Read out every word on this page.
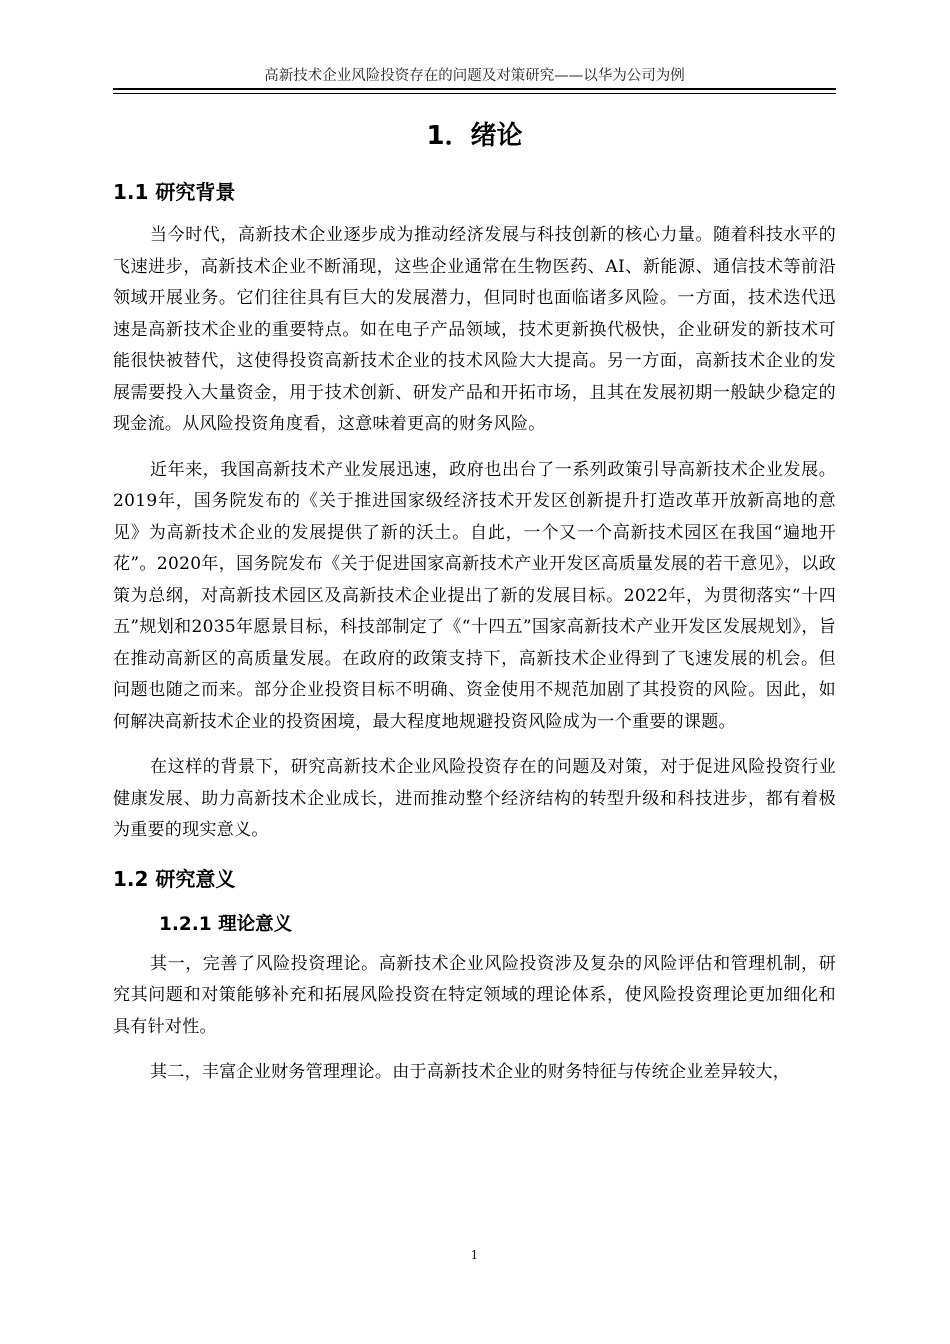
高新技术企业风险投资存在的问题及对策研究——以华为公司为例
1．绪论
1.1 研究背景

当今时代，高新技术企业逐步成为推动经济发展与科技创新的核心力量。随着科技水平的飞速进步，高新技术企业不断涌现，这些企业通常在生物医药、AI、新能源、通信技术等前沿领域开展业务。它们往往具有巨大的发展潜力，但同时也面临诸多风险。一方面，技术迭代迅速是高新技术企业的重要特点。如在电子产品领域，技术更新换代极快，企业研发的新技术可能很快被替代，这使得投资高新技术企业的技术风险大大提高。另一方面，高新技术企业的发展需要投入大量资金，用于技术创新、研发产品和开拓市场，且其在发展初期一般缺少稳定的现金流。从风险投资角度看，这意味着更高的财务风险。

近年来，我国高新技术产业发展迅速，政府也出台了一系列政策引导高新技术企业发展。2019年，国务院发布的《关于推进国家级经济技术开发区创新提升打造改革开放新高地的意见》为高新技术企业的发展提供了新的沃土。自此，一个又一个高新技术园区在我国“遍地开花”。2020年，国务院发布《关于促进国家高新技术产业开发区高质量发展的若干意见》，以政策为总纲，对高新技术园区及高新技术企业提出了新的发展目标。2022年，为贯彻落实“十四五”规划和2035年愿景目标，科技部制定了《“十四五”国家高新技术产业开发区发展规划》，旨在推动高新区的高质量发展。在政府的政策支持下，高新技术企业得到了飞速发展的机会。但问题也随之而来。部分企业投资目标不明确、资金使用不规范加剧了其投资的风险。因此，如何解决高新技术企业的投资困境，最大程度地规避投资风险成为一个重要的课题。

在这样的背景下，研究高新技术企业风险投资存在的问题及对策，对于促进风险投资行业健康发展、助力高新技术企业成长，进而推动整个经济结构的转型升级和科技进步，都有着极为重要的现实意义。

1.2 研究意义
1.2.1 理论意义

其一，完善了风险投资理论。高新技术企业风险投资涉及复杂的风险评估和管理机制，研究其问题和对策能够补充和拓展风险投资在特定领域的理论体系，使风险投资理论更加细化和具有针对性。

其二，丰富企业财务管理理论。由于高新技术企业的财务特征与传统企业差异较大，

1
